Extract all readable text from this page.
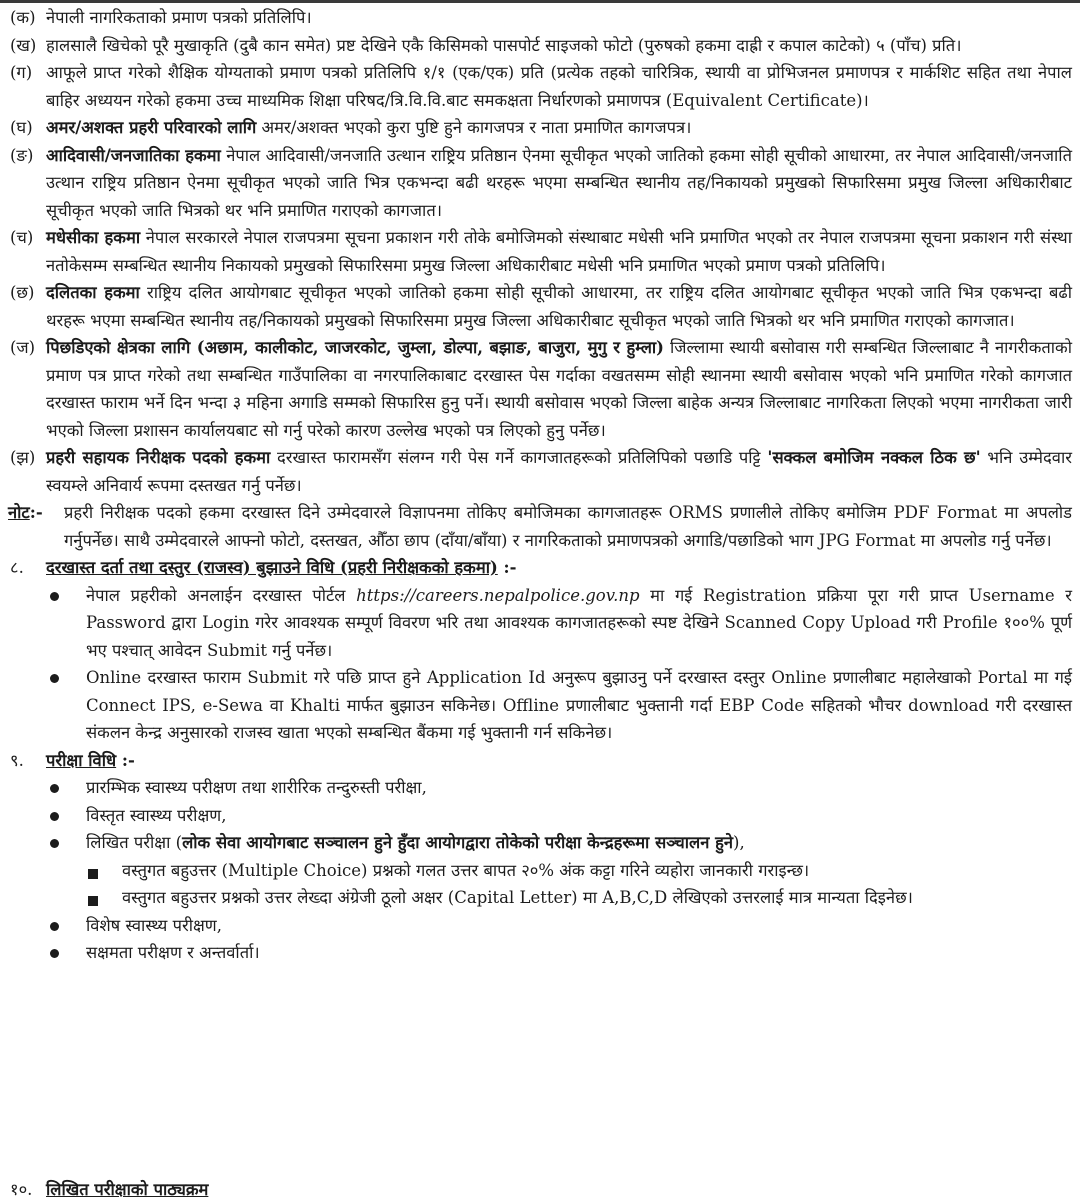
(क) नेपाली नागरिकताको प्रमाण पत्रको प्रतिलिपि।
(ख) हालसालै खिचेको पूरै मुखाकृति (दुबै कान समेत) प्रष्ट देखिने एकै किसिमको पासपोर्ट साइजको फोटो (पुरुषको हकमा दाह्री र कपाल काटेको) ५ (पाँच) प्रति।
(ग) आफूले प्राप्त गरेको शैक्षिक योग्यताको प्रमाण पत्रको प्रतिलिपि १/१ (एक/एक) प्रति (प्रत्येक तहको चारित्रिक, स्थायी वा प्रोभिजनल प्रमाणपत्र र मार्कशिट सहित तथा नेपाल बाहिर अध्ययन गरेको हकमा उच्च माध्यमिक शिक्षा परिषद/त्रि.वि.वि.बाट समकक्षता निर्धारणको प्रमाणपत्र (Equivalent Certificate)।
(घ) अमर/अशक्त प्रहरी परिवारको लागि अमर/अशक्त भएको कुरा पुष्टि हुने कागजपत्र र नाता प्रमाणित कागजपत्र।
(ङ) आदिवासी/जनजातिका हकमा नेपाल आदिवासी/जनजाति उत्थान राष्ट्रिय प्रतिष्ठान ऐनमा सूचीकृत भएको जातिको हकमा सोही सूचीको आधारमा, तर नेपाल आदिवासी/जनजाति उत्थान राष्ट्रिय प्रतिष्ठान ऐनमा सूचीकृत भएको जाति भित्र एकभन्दा बढी थरहरू भएमा सम्बन्धित स्थानीय तह/निकायको प्रमुखको सिफारिसमा प्रमुख जिल्ला अधिकारीबाट सूचीकृत भएको जाति भित्रको थर भनि प्रमाणित गराएको कागजात।
(च) मधेसीका हकमा नेपाल सरकारले नेपाल राजपत्रमा सूचना प्रकाशन गरी तोके बमोजिमको संस्थाबाट मधेसी भनि प्रमाणित भएको तर नेपाल राजपत्रमा सूचना प्रकाशन गरी संस्था नतोकेसम्म सम्बन्धित स्थानीय निकायको प्रमुखको सिफारिसमा प्रमुख जिल्ला अधिकारीबाट मधेसी भनि प्रमाणित भएको प्रमाण पत्रको प्रतिलिपि।
(छ) दलितका हकमा राष्ट्रिय दलित आयोगबाट सूचीकृत भएको जातिको हकमा सोही सूचीको आधारमा, तर राष्ट्रिय दलित आयोगबाट सूचीकृत भएको जाति भित्र एकभन्दा बढी थरहरू भएमा सम्बन्धित स्थानीय तह/निकायको प्रमुखको सिफारिसमा प्रमुख जिल्ला अधिकारीबाट सूचीकृत भएको जाति भित्रको थर भनि प्रमाणित गराएको कागजात।
(ज) पिछडिएको क्षेत्रका लागि (अछाम, कालीकोट, जाजरकोट, जुम्ला, डोल्पा, बझाङ, बाजुरा, मुगु र हुम्ला) जिल्लामा स्थायी बसोवास गरी सम्बन्धित जिल्लाबाट नै नागरीकताको प्रमाण पत्र प्राप्त गरेको तथा सम्बन्धित गाउँपालिका वा नगरपालिकाबाट दरखास्त पेस गर्दाका वखतसम्म सोही स्थानमा स्थायी बसोवास भएको भनि प्रमाणित गरेको कागजात दरखास्त फाराम भर्ने दिन भन्दा ३ महिना अगाडि सम्मको सिफारिस हुनु पर्ने। स्थायी बसोवास भएको जिल्ला बाहेक अन्यत्र जिल्लाबाट नागरिकता लिएको भएमा नागरीकता जारी भएको जिल्ला प्रशासन कार्यालयबाट सो गर्नु परेको कारण उल्लेख भएको पत्र लिएको हुनु पर्नेछ।
(झ) प्रहरी सहायक निरीक्षक पदको हकमा दरखास्त फारामसँग संलग्न गरी पेस गर्ने कागजातहरूको प्रतिलिपिको पछाडि पट्टि 'सक्कल बमोजिम नक्कल ठिक छ' भनि उम्मेदवार स्वयम्ले अनिवार्य रूपमा दस्तखत गर्नु पर्नेछ।
नोट:- प्रहरी निरीक्षक पदको हकमा दरखास्त दिने उम्मेदवारले विज्ञापनमा तोकिए बमोजिमका कागजातहरू ORMS प्रणालीले तोकिए बमोजिम PDF Format मा अपलोड गर्नुपर्नेछ। साथै उम्मेदवारले आफ्नो फोटो, दस्तखत, औँठा छाप (दाँया/बाँया) र नागरिकताको प्रमाणपत्रको अगाडि/पछाडिको भाग JPG Format मा अपलोड गर्नु पर्नेछ।
८. दरखास्त दर्ता तथा दस्तुर (राजस्व) बुझाउने विधि (प्रहरी निरीक्षकको हकमा) :-
नेपाल प्रहरीको अनलाईन दरखास्त पोर्टल https://careers.nepalpolice.gov.np मा गई Registration प्रक्रिया पूरा गरी प्राप्त Username र Password द्वारा Login गरेर आवश्यक सम्पूर्ण विवरण भरि तथा आवश्यक कागजातहरूको स्पष्ट देखिने Scanned Copy Upload गरी Profile १००% पूर्ण भए पश्चात् आवेदन Submit गर्नु पर्नेछ।
Online दरखास्त फाराम Submit गरे पछि प्राप्त हुने Application Id अनुरूप बुझाउनु पर्ने दरखास्त दस्तुर Online प्रणालीबाट महालेखाको Portal मा गई Connect IPS, e-Sewa वा Khalti मार्फत बुझाउन सकिनेछ। Offline प्रणालीबाट भुक्तानी गर्दा EBP Code सहितको भौचर download गरी दरखास्त संकलन केन्द्र अनुसारको राजस्व खाता भएको सम्बन्धित बैंकमा गई भुक्तानी गर्न सकिनेछ।
९. परीक्षा विधि :-
प्रारम्भिक स्वास्थ्य परीक्षण तथा शारीरिक तन्दुरुस्ती परीक्षा,
विस्तृत स्वास्थ्य परीक्षण,
लिखित परीक्षा (लोक सेवा आयोगबाट सञ्चालन हुने हुँदा आयोगद्वारा तोकेको परीक्षा केन्द्रहरूमा सञ्चालन हुने),
वस्तुगत बहुउत्तर (Multiple Choice) प्रश्नको गलत उत्तर बापत २०% अंक कट्टा गरिने व्यहोरा जानकारी गराइन्छ।
वस्तुगत बहुउत्तर प्रश्नको उत्तर लेख्दा अंग्रेजी ठूलो अक्षर (Capital Letter) मा A,B,C,D लेखिएको उत्तरलाई मात्र मान्यता दिइनेछ।
विशेष स्वास्थ्य परीक्षण,
सक्षमता परीक्षण र अन्तर्वार्ता।
१०. लिखित परीक्षाको पाठ्यक्रम
